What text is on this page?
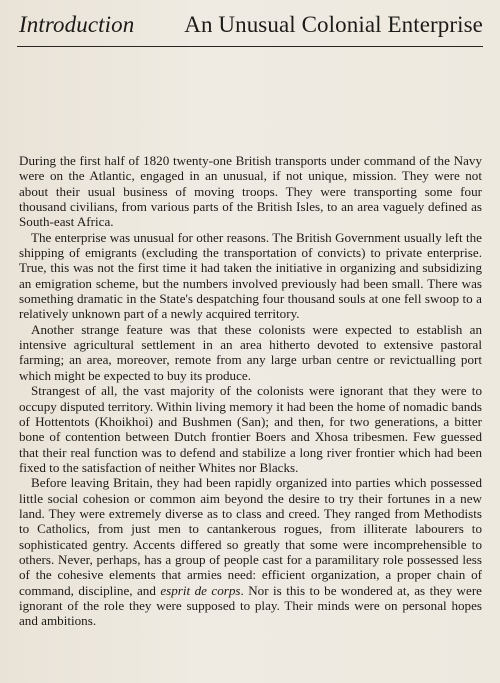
Introduction An Unusual Colonial Enterprise

During the first half of 1820 twenty-one British transports under command of the Navy were on the Atlantic, engaged in an unusual, if not unique, mission. They were not about their usual business of moving troops. They were transporting some four thousand civilians, from various parts of the British Isles, to an area vaguely defined as South-east Africa.

The enterprise was unusual for other reasons. The British Government usually left the shipping of emigrants (excluding the transportation of convicts) to private enterprise. True, this was not the first time it had taken the initiative in organizing and subsidizing an emigration scheme, but the numbers involved previously had been small. There was something dramatic in the State's despatching four thousand souls at one fell swoop to a relatively unknown part of a newly acquired territory.

Another strange feature was that these colonists were expected to establish an intensive agricultural settlement in an area hitherto devoted to extensive pastoral farming; an area, moreover, remote from any large urban centre or revictualling port which might be expected to buy its produce.

Strangest of all, the vast majority of the colonists were ignorant that they were to occupy disputed territory. Within living memory it had been the home of nomadic bands of Hottentots (Khoikhoi) and Bushmen (San); and then, for two generations, a bitter bone of contention between Dutch frontier Boers and Xhosa tribesmen. Few guessed that their real function was to defend and stabilize a long river frontier which had been fixed to the satisfaction of neither Whites nor Blacks.

Before leaving Britain, they had been rapidly organized into parties which possessed little social cohesion or common aim beyond the desire to try their fortunes in a new land. They were extremely diverse as to class and creed. They ranged from Methodists to Catholics, from just men to cantankerous rogues, from illiterate labourers to sophisticated gentry. Accents differed so greatly that some were incomprehensible to others. Never, perhaps, has a group of people cast for a paramilitary role possessed less of the cohesive elements that armies need: efficient organization, a proper chain of command, discipline, and esprit de corps. Nor is this to be wondered at, as they were ignorant of the role they were supposed to play. Their minds were on personal hopes and ambitions.
